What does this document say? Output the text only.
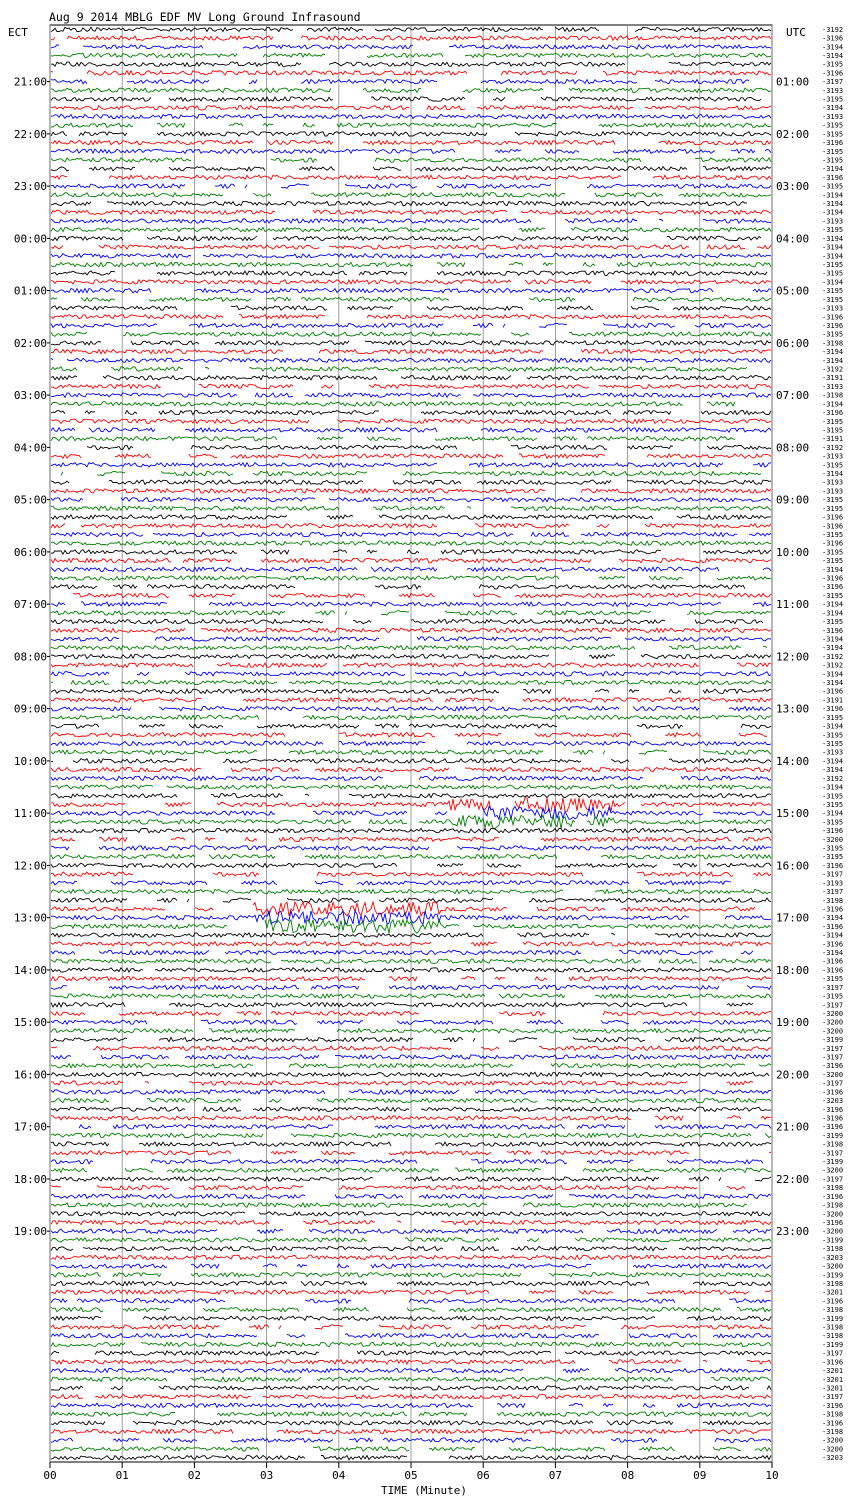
Aug 9 2014 MBLG EDF MV Long Ground Infrasound
ECT	UTC
TIME (Minute)
00	01	02	03	04	05	06	07	08	09	10
-3192
-3196
-3194
-3194
-3195
-3196
-3197
-3193
-3195
-3194
-3193
-3195
-3195
-3196
-3195
-3195
-3194
-3196
-3195
-3194
-3194
-3194
-3193
-3195
-3194
-3194
-3194
-3195
-3195
-3194
-3195
-3195
-3193
-3196
-3196
-3195
-3198
-3194
-3194
-3192
-3191
-3193
-3198
-3194
-3196
-3195
-3195
-3191
-3192
-3193
-3195
-3194
-3193
-3193
-3195
-3195
-3196
-3196
-3195
-3196
-3195
-3195
-3194
-3196
-3196
-3195
-3194
-3194
-3195
-3196
-3194
-3194
-3192
-3192
-3194
-3194
-3196
-3191
-3196
-3195
-3194
-3195
-3195
-3193
-3194
-3194
-3192
-3194
-3195
-3195
-3194
-3195
-3196
-3200
-3195
-3195
-3196
-3197
-3193
-3197
-3198
-3196
-3194
-3196
-3194
-3196
-3194
-3196
-3196
-3195
-3197
-3195
-3197
-3200
-3200
-3200
-3199
-3197
-3197
-3196
-3200
-3197
-3196
-3203
-3196
-3196
-3196
-3199
-3198
-3197
-3199
-3200
-3197
-3198
-3196
-3198
-3200
-3196
-3200
-3199
-3198
-3203
-3200
-3199
-3198
-3201
-3196
-3198
-3199
-3198
-3198
-3199
-3197
-3196
-3201
-3201
-3201
-3197
-3196
-3198
-3196
-3198
-3200
-3200
-3203
21:00
22:00
23:00
00:00
01:00
02:00
03:00
04:00
05:00
06:00
07:00
08:00
09:00
10:00
11:00
12:00
13:00
14:00
15:00
16:00
17:00
18:00
19:00
01:00
02:00
03:00
04:00
05:00
06:00
07:00
08:00
09:00
10:00
11:00
12:00
13:00
14:00
15:00
16:00
17:00
18:00
19:00
20:00
21:00
22:00
23:00
